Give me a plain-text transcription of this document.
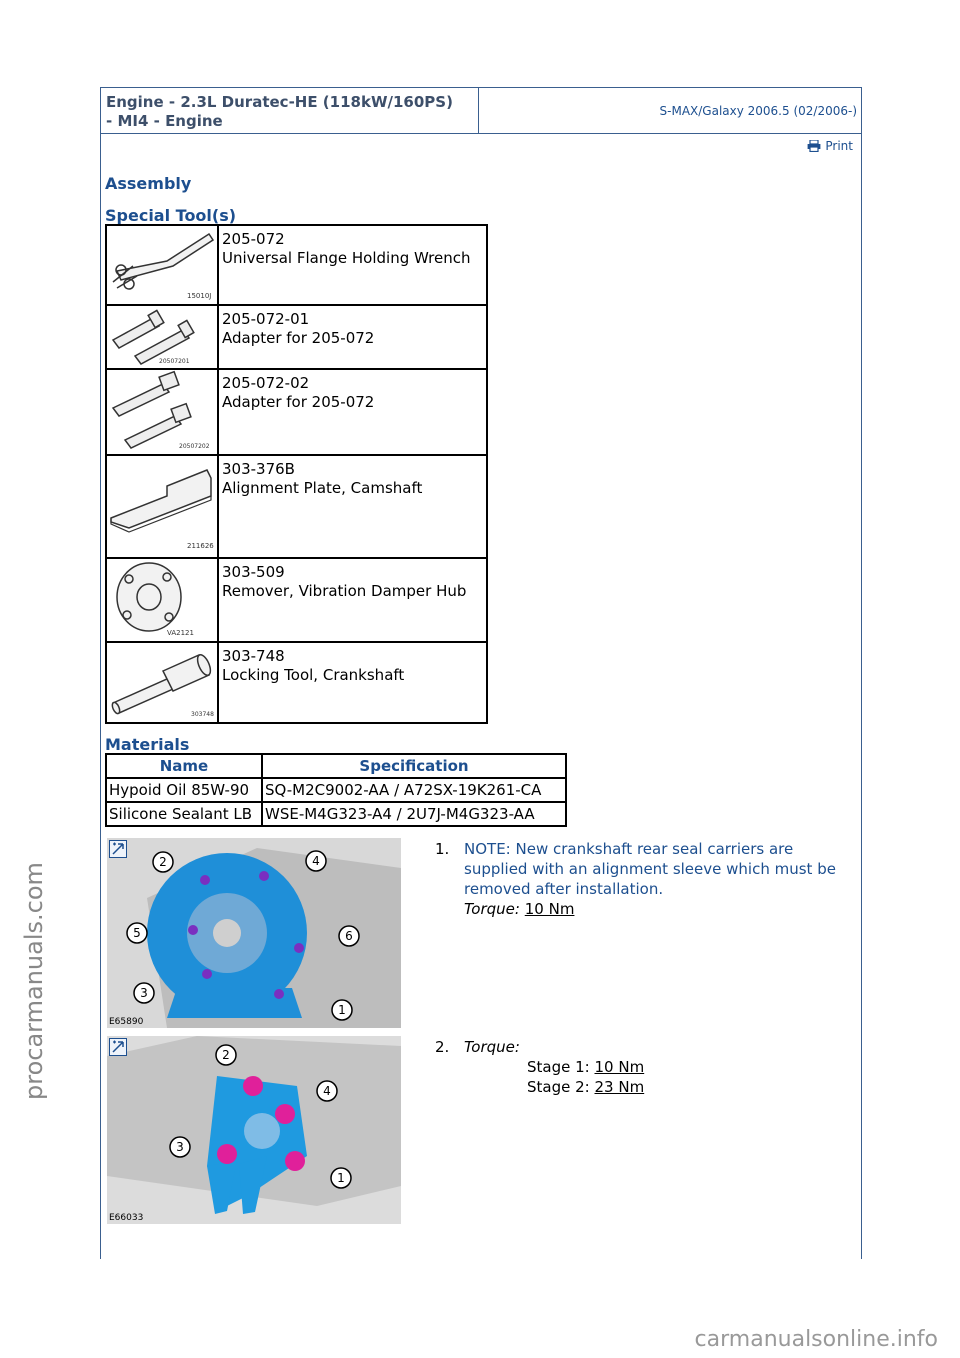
Engine - 2.3L Duratec-HE (118kW/160PS)
- MI4 - Engine
S-MAX/Galaxy 2006.5 (02/2006-)
Print
Assembly
Special Tool(s)
15010J	205-072
Universal Flange Holding Wrench

20507201	205-072-01
Adapter for 205-072

20507202	205-072-02
Adapter for 205-072

211626	303-376B
Alignment Plate, Camshaft

VA2121	303-509
Remover, Vibration Damper Hub

303748	303-748
Locking Tool, Crankshaft
Materials
Name	Specification
Hypoid Oil 85W-90	SQ-M2C9002-AA / A72SX-19K261-CA
Silicone Sealant LB	WSE-M4G323-A4 / 2U7J-M4G323-AA
2	4
5	6
3
1
E65890
1. NOTE: New crankshaft rear seal carriers are supplied with an alignment sleeve which must be removed after installation.
Torque: 10 Nm
2
4
3
1
E66033
2. Torque:
Stage 1: 10 Nm
Stage 2: 23 Nm
procarmanuals.com
carmanualsonline.info
